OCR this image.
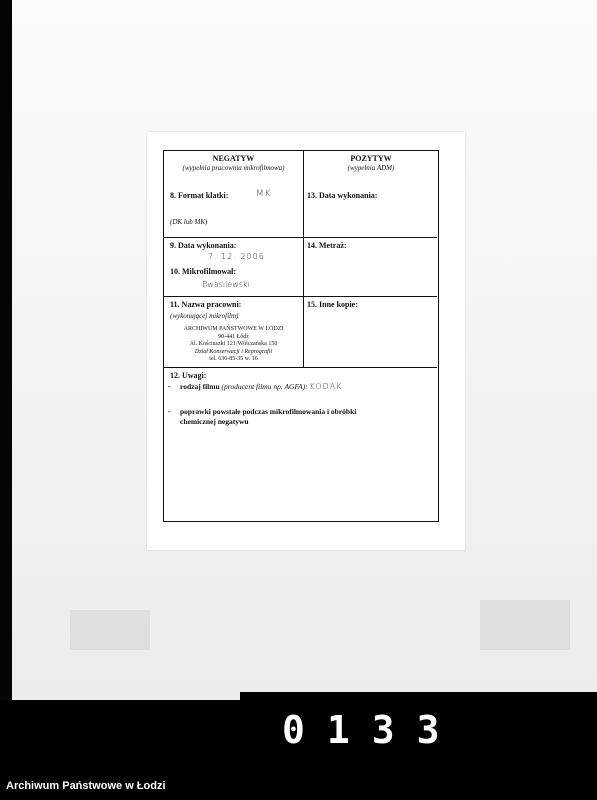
NEGATYW
(wypełnia pracownia mikrofilmowa)
POZYTYW
(wypełnia ADM)
8. Format klatki:	MK
(DK lub MK)
13. Data wykonania:
9. Data wykonania:
7. 12. 2006
10. Mikrofilmował:
Bwasilewski
14. Metraż:
11. Nazwa pracowni:
(wykonującej mikrofilm)
ARCHIWUM PAŃSTWOWE W ŁODZI
90-441 Łódź
Al. Kościuszki 121/Wólczańska 150
Dział Konserwacji i Reprografii
tel. 636-85-35 w. 16
15. Inne kopie:
12. Uwagi:
- rodzaj filmu (producent filmu np. AGFA): KODAK
- poprawki powstałe podczas mikrofilmowania i obróbki
chemicznej negatywu
0133
Archiwum Państwowe w Łodzi
